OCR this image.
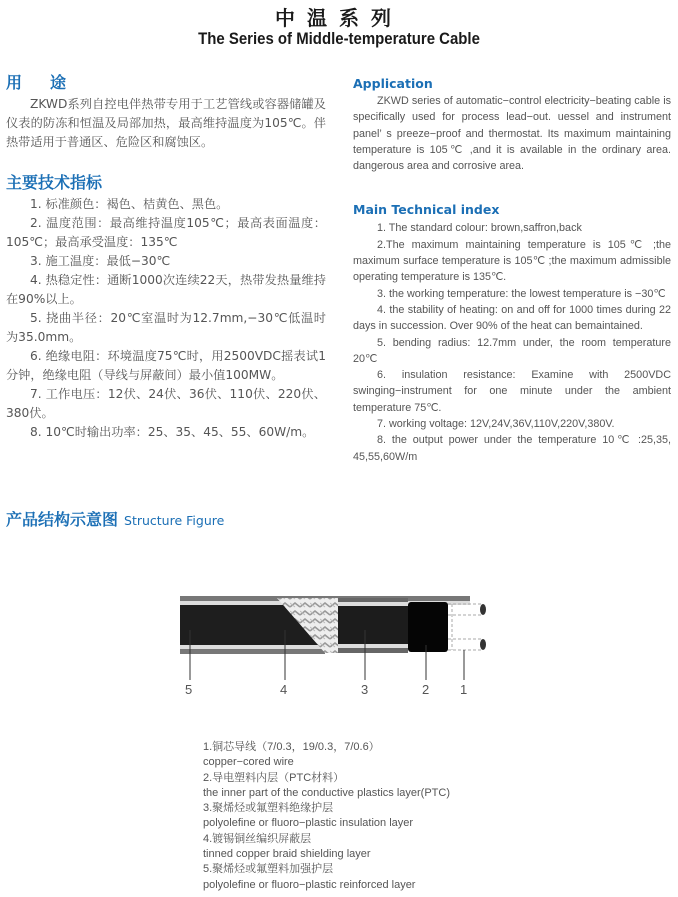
中温系列
The Series of Middle-temperature Cable
用途

ZKWD系列自控电伴热带专用于工艺管线或容器储罐及仪表的防冻和恒温及局部加热，最高维持温度为105℃。伴热带适用于普通区、危险区和腐蚀区。

主要技术指标

1. 标准颜色：褐色、桔黄色、黑色。

2. 温度范围：最高维持温度105℃；最高表面温度：105℃；最高承受温度：135℃

3. 施工温度：最低−30℃

4. 热稳定性：通断1000次连续22天，热带发热量维持在90%以上。

5. 挠曲半径：20℃室温时为12.7mm,−30℃低温时为35.0mm。

6. 绝缘电阻：环境温度75℃时，用2500VDC摇表试1分钟，绝缘电阻（导线与屏蔽间）最小值100MW。

7. 工作电压：12伏、24伏、36伏、110伏、220伏、380伏。

8. 10℃时输出功率：25、35、45、55、60W/m。

Application

ZKWD series of automatic−control electricity−beating cable is specifically used for process lead−out. uessel and instrument panel’ s preeze−proof and thermostat. Its maximum maintaining temperature is 105℃ ,and it is available in the ordinary area. dangerous area and corrosive area.

Main Technical index

1. The standard colour: brown,saffron,back

2.The maximum maintaining temperature is 105℃ ;the maximum surface temperature is 105℃ ;the maximum admissible operating temperature is 135℃.

3. the working temperature: the lowest temperature is −30℃

4. the stability of heating: on and off for 1000 times during 22 days in succession. Over 90% of the heat can bemaintained.

5. bending radius: 12.7mm under, the room temperature 20℃

6. insulation resistance: Examine with 2500VDC swinging−instrument for one minute under the ambient temperature 75℃.

7. working voltage: 12V,24V,36V,110V,220V,380V.

8. the output power under the temperature 10℃ :25,35, 45,55,60W/m

产品结构示意图 Structure Figure
5	4	3	2 1
1.铜芯导线（7/0.3，19/0.3，7/0.6）
copper−cored wire
2.导电塑料内层（PTC材料）
the inner part of the conductive plastics layer(PTC)
3.聚烯烃或氟塑料绝缘护层
polyolefine or fluoro−plastic insulation layer
4.镀锡铜丝编织屏蔽层
tinned copper braid shielding layer
5.聚烯烃或氟塑料加强护层
polyolefine or fluoro−plastic reinforced layer
